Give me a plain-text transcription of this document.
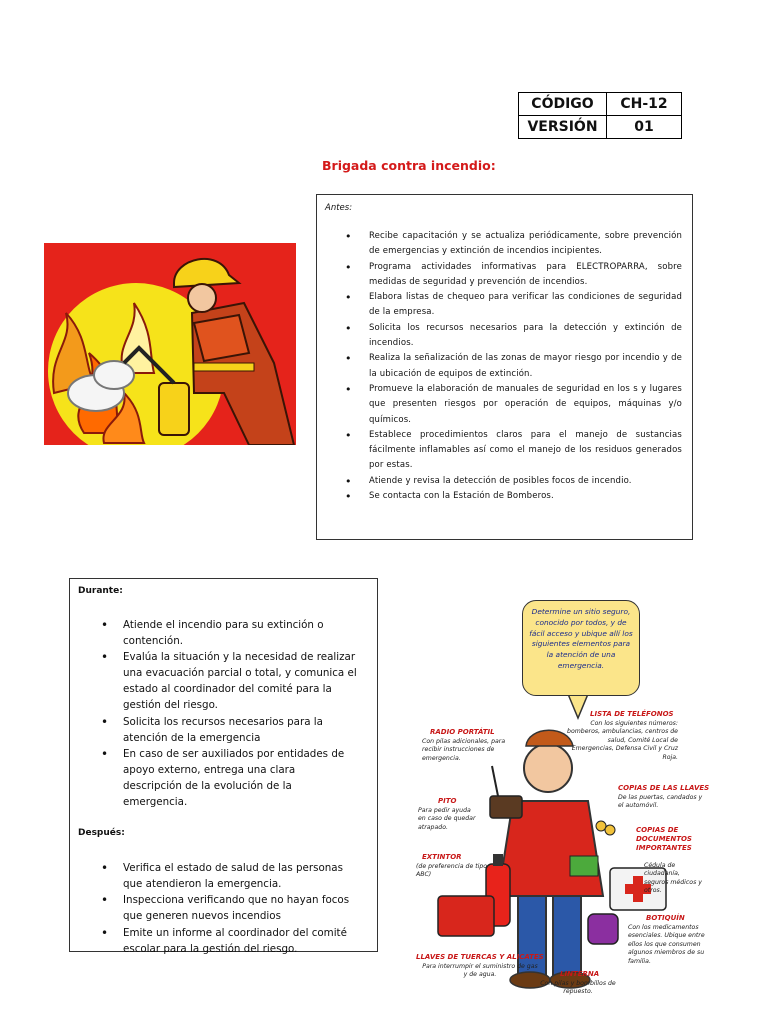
CÓDIGO	CH-12
VERSIÓN	01
Brigada contra incendio:
Antes:
• Recibe capacitación y se actualiza periódicamente, sobre prevención de emergencias y extinción de incendios incipientes.
• Programa actividades informativas para ELECTROPARRA, sobre medidas de seguridad y prevención de incendios.
• Elabora listas de chequeo para verificar las condiciones de seguridad de la empresa.
• Solicita los recursos necesarios para la detección y extinción de incendios.
• Realiza la señalización de las zonas de mayor riesgo por incendio y de la ubicación de equipos de extinción.
• Promueve la elaboración de manuales de seguridad en los s y lugares que presenten riesgos por operación de equipos, máquinas y/o químicos.
• Establece procedimientos claros para el manejo de sustancias fácilmente inflamables así como el manejo de los residuos generados por estas.
• Atiende y revisa la detección de posibles focos de incendio.
• Se contacta con la Estación de Bomberos.
Durante:
• Atiende el incendio para su extinción o contención.
• Evalúa la situación y la necesidad de realizar una evacuación parcial o total, y comunica el estado al coordinador del comité para la gestión del riesgo.
• Solicita los recursos necesarios para la atención de la emergencia
• En caso de ser auxiliados por entidades de apoyo externo, entrega una clara descripción de la evolución de la emergencia.
Después:
• Verifica el estado de salud de las personas que atendieron la emergencia.
• Inspecciona verificando que no hayan focos que generen nuevos incendios
• Emite un informe al coordinador del comité escolar para la gestión del riesgo.
Determine un sitio seguro, conocido por todos, y de fácil acceso y ubique allí los siguientes elementos para la atención de una emergencia.
RADIO PORTÁTIL
Con pilas adicionales, para recibir instrucciones de emergencia.
PITO
Para pedir ayuda en caso de quedar atrapado.
EXTINTOR
(de preferencia de tipo ABC)
LLAVES DE TUERCAS Y ALICATES
Para interrumpir el suministro de gas y de agua.	LINTERNA
Con pilas y bombillos de repuesto.
LISTA DE TELÉFONOS
Con los siguientes números: bomberos, ambulancias, centros de salud, Comité Local de Emergencias, Defensa Civil y Cruz Roja.
COPIAS DE LAS LLAVES
De las puertas, candados y el automóvil.
COPIAS DE DOCUMENTOS IMPORTANTES
Cédula de ciudadanía, seguros médicos y otros.
BOTIQUÍN
Con los medicamentos esenciales. Ubique entre ellos los que consumen algunos miembros de su familia.
